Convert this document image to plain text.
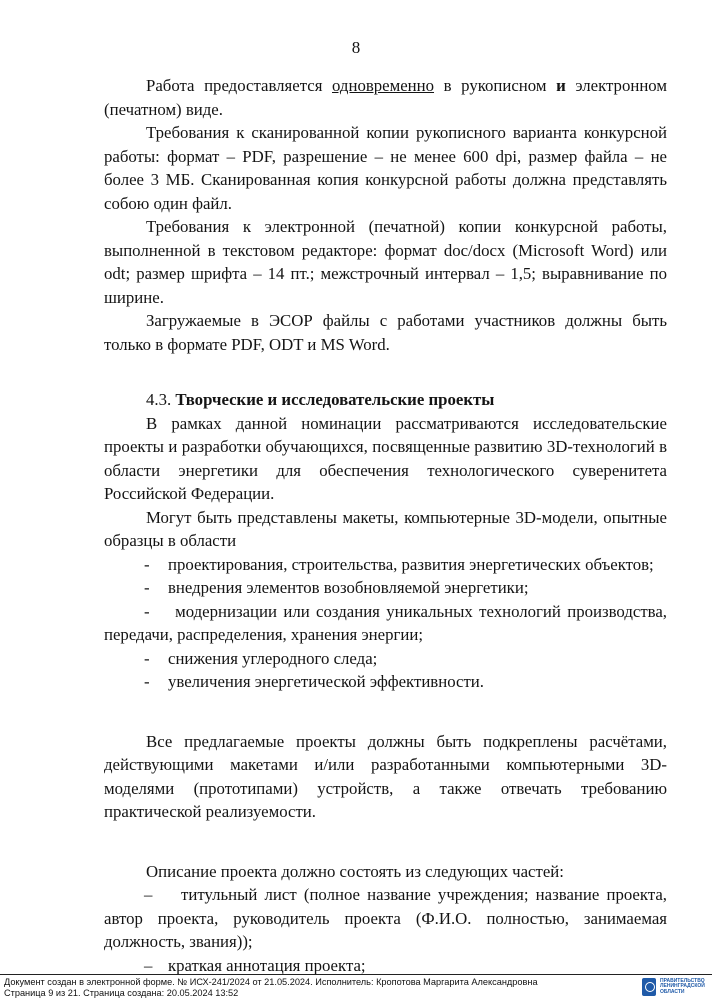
8

Работа предоставляется одновременно в рукописном и электронном (печатном) виде.

Требования к сканированной копии рукописного варианта конкурсной работы: формат – PDF, разрешение – не менее 600 dpi, размер файла – не более 3 МБ. Сканированная копия конкурсной работы должна представлять собою один файл.

Требования к электронной (печатной) копии конкурсной работы, выполненной в текстовом редакторе: формат doc/docx (Microsoft Word) или odt; размер шрифта – 14 пт.; межстрочный интервал – 1,5; выравнивание по ширине.

Загружаемые в ЭСОР файлы с работами участников должны быть только в формате PDF, ODT и MS Word.

4.3. Творческие и исследовательские проекты

В рамках данной номинации рассматриваются исследовательские проекты и разработки обучающихся, посвященные развитию 3D-технологий в области энергетики для обеспечения технологического суверенитета Российской Федерации.

Могут быть представлены макеты, компьютерные 3D-модели, опытные образцы в области

-	проектирования, строительства, развития энергетических объектов;
-	внедрения элементов возобновляемой энергетики;

- модернизации или создания уникальных технологий производства, передачи, распределения, хранения энергии;

-	снижения углеродного следа;
-	увеличения энергетической эффективности.

Все предлагаемые проекты должны быть подкреплены расчётами, действующими макетами и/или разработанными компьютерными 3D-моделями (прототипами) устройств, а также отвечать требованию практической реализуемости.

Описание проекта должно состоять из следующих частей:

– титульный лист (полное название учреждения; название проекта, автор проекта, руководитель проекта (Ф.И.О. полностью, занимаемая должность, звания));

– краткая аннотация проекта;
Документ создан в электронной форме. № ИСХ-241/2024 от 21.05.2024. Исполнитель: Кропотова Маргарита Александровна
Страница 9 из 21. Страница создана: 20.05.2024 13:52
ПРАВИТЕЛЬСТВО ЛЕНИНГРАДСКОЙ ОБЛАСТИ
